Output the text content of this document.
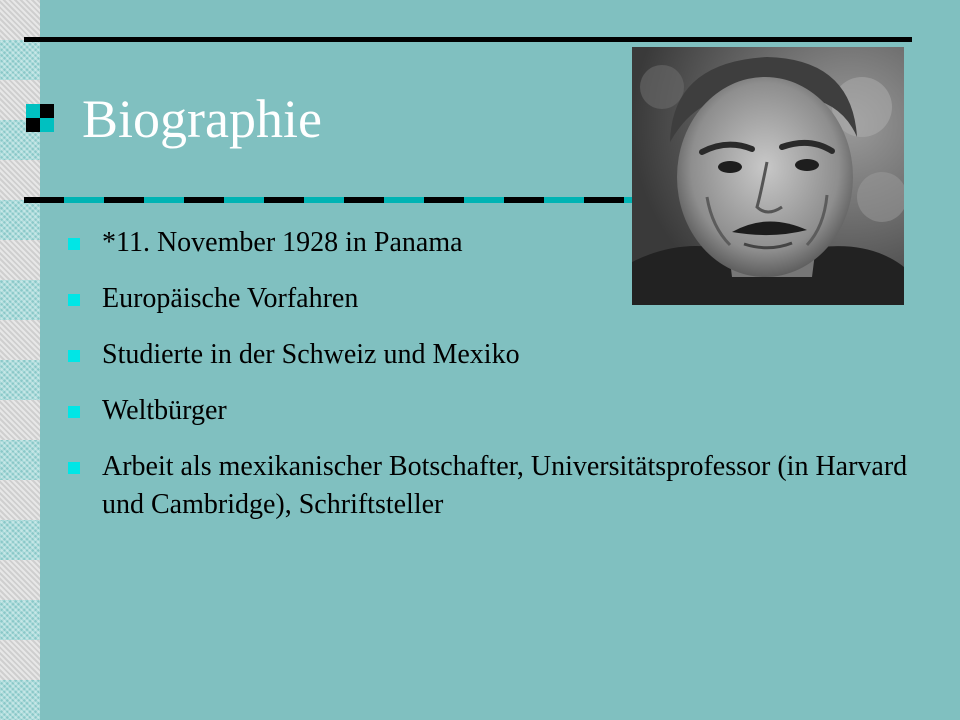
Biographie
*11. November 1928 in Panama
Europäische Vorfahren
Studierte in der Schweiz und Mexiko
Weltbürger
Arbeit als mexikanischer Botschafter, Universitätsprofessor (in Harvard und Cambridge), Schriftsteller
